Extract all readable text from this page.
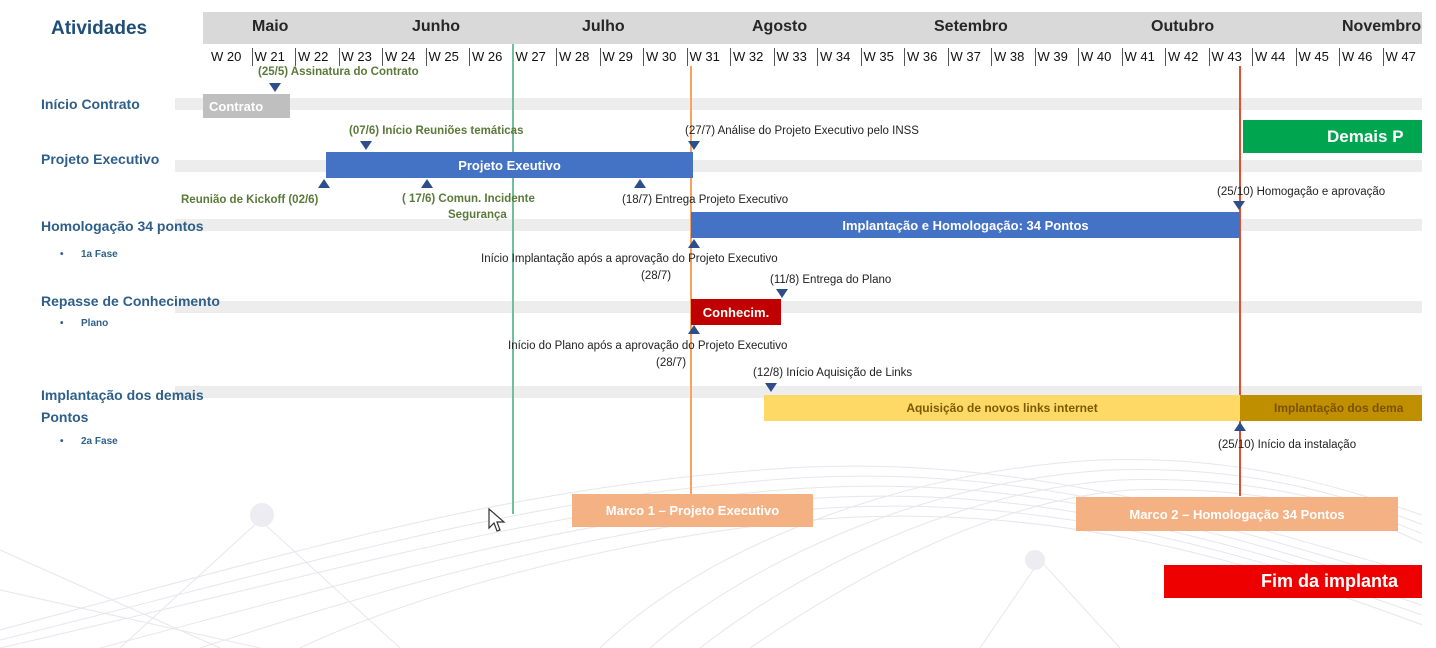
Atividades	Maio	Junho	Julho	Agosto	Setembro	Outubro	Novembro
W 20 W 21 W 22 W 23 W 24 W 25 W 26 W 27 W 28 W 29 W 30 W 31 W 32 W 33 W 34 W 35 W 36 W 37 W 38 W 39 W 40 W 41 W 42 W 43 W 44 W 45 W 46 W 47
Início Contrato
Projeto Executivo
Homologação 34 pontos
• 1a Fase
Repasse de Conhecimento
• Plano
Implantação dos demais
Pontos
• 2a Fase
Contrato
Projeto Exeutivo
Demais P
Implantação e Homologação: 34 Pontos
Conhecim.
Aquisição de novos links internet	Implantação dos dema
(25/5) Assinatura do Contrato
(07/6) Início Reuniões temáticas	(27/7) Análise do Projeto Executivo pelo INSS
Reunião de Kickoff (02/6)	( 17/6) Comun. Incidente
Segurança
(18/7) Entrega Projeto Executivo
(25/10) Homogação e aprovação
Início Implantação após a aprovação do Projeto Executivo
(28/7)	(11/8) Entrega do Plano
Início do Plano após a aprovação do Projeto Executivo
(28/7)
(12/8) Início Aquisição de Links
(25/10) Início da instalação
Marco 1 – Projeto Executivo	Marco 2 – Homologação 34 Pontos
Fim da implanta
